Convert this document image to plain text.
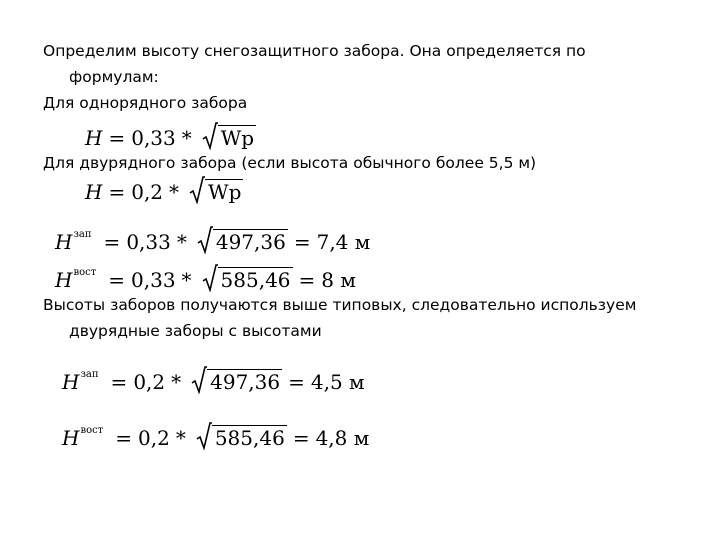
Определим высоту снегозащитного забора. Она определяется по
формулам:
Для однорядного забора
H = 0,33 * Wp
Для двурядного забора (если высота обычного более 5,5 м)
H = 0,2 * Wp
H зап = 0,33 * 497,36 = 7,4 м
H вост = 0,33 * 585,46 = 8 м
Высоты заборов получаются выше типовых, следовательно используем
двурядные заборы с высотами
H зап = 0,2 * 497,36 = 4,5 м
H вост = 0,2 * 585,46 = 4,8 м
